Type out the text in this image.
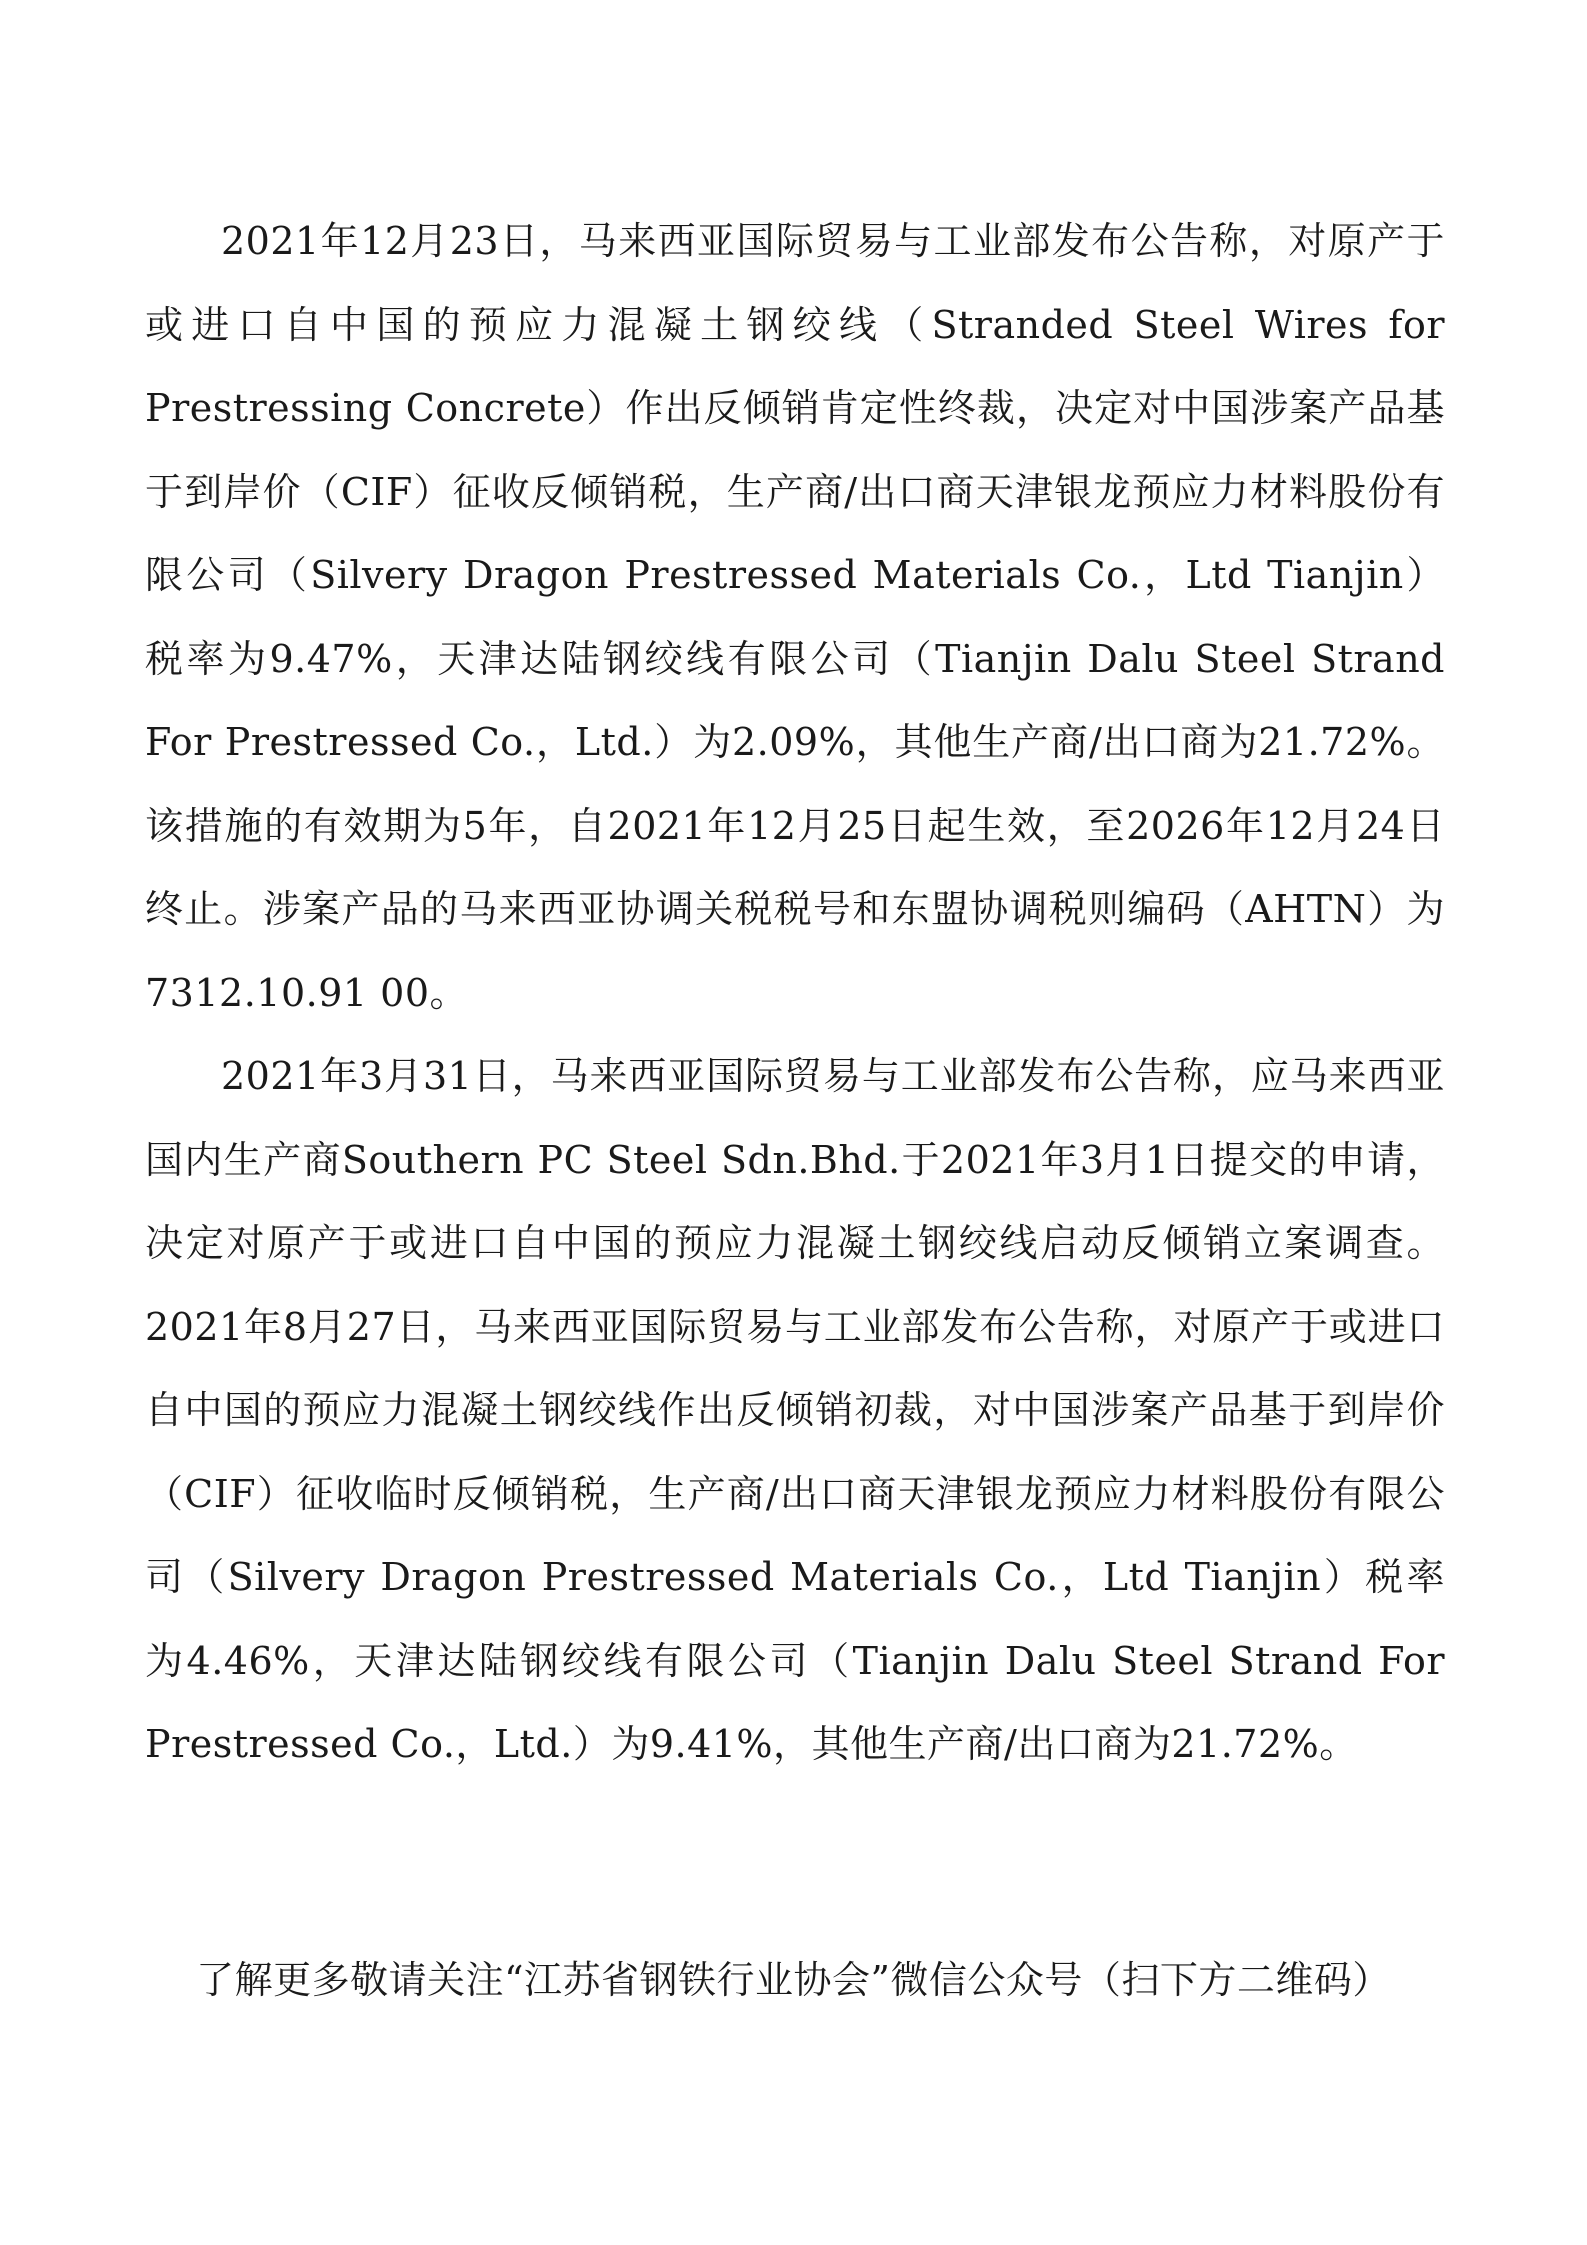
2021年12月23日，马来西亚国际贸易与工业部发布公告称，对原产于或进口自中国的预应力混凝土钢绞线（Stranded Steel Wires for Prestressing Concrete）作出反倾销肯定性终裁，决定对中国涉案产品基于到岸价（CIF）征收反倾销税，生产商/出口商天津银龙预应力材料股份有限公司（Silvery Dragon Prestressed Materials Co.，Ltd Tianjin）税率为9.47%，天津达陆钢绞线有限公司（Tianjin Dalu Steel Strand For Prestressed Co.，Ltd.）为2.09%，其他生产商/出口商为21.72%。该措施的有效期为5年，自2021年12月25日起生效，至2026年12月24日终止。涉案产品的马来西亚协调关税税号和东盟协调税则编码（AHTN）为7312.10.91 00。

2021年3月31日，马来西亚国际贸易与工业部发布公告称，应马来西亚国内生产商Southern PC Steel Sdn.Bhd.于2021年3月1日提交的申请，决定对原产于或进口自中国的预应力混凝土钢绞线启动反倾销立案调查。2021年8月27日，马来西亚国际贸易与工业部发布公告称，对原产于或进口自中国的预应力混凝土钢绞线作出反倾销初裁，对中国涉案产品基于到岸价（CIF）征收临时反倾销税，生产商/出口商天津银龙预应力材料股份有限公司（Silvery Dragon Prestressed Materials Co.，Ltd Tianjin）税率为4.46%，天津达陆钢绞线有限公司（Tianjin Dalu Steel Strand For Prestressed Co.，Ltd.）为9.41%，其他生产商/出口商为21.72%。

了解更多敬请关注“江苏省钢铁行业协会”微信公众号（扫下方二维码）
